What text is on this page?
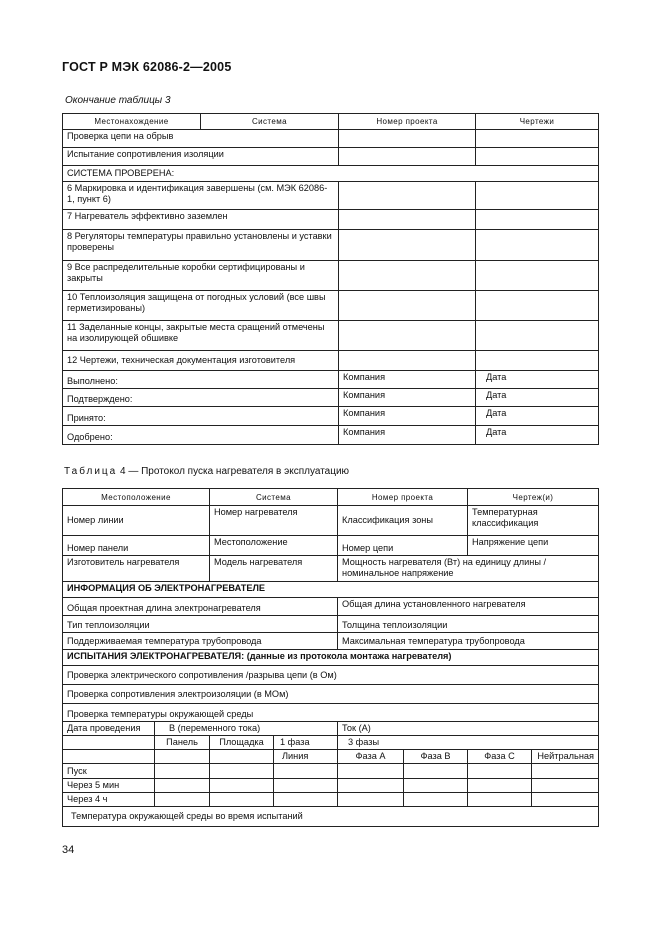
ГОСТ Р МЭК 62086-2—2005
Окончание таблицы 3
Местонахождение	Система	Номер проекта	Чертежи
Проверка цепи на обрыв			
Испытание сопротивления изоляции			
СИСТЕМА ПРОВЕРЕНА:			
6 Маркировка и идентификация завершены (см. МЭК 62086-1, пункт 6)			
7 Нагреватель эффективно заземлен			
8 Регуляторы температуры правильно установлены и уставки проверены			
9 Все распределительные коробки сертифицированы и закрыты			
10 Теплоизоляция защищена от погодных условий (все швы герметизированы)			
11 Заделанные концы, закрытые места сращений отмечены на изолирующей обшивке			
12 Чертежи, техническая документация изготовителя			
Выполнено:		Компания	Дата
Подтверждено:		Компания	Дата
Принято:		Компания	Дата
Одобрено:		Компания	Дата
Таблица 4 — Протокол пуска нагревателя в эксплуатацию
Местоположение		Система		Номер проекта		Чертеж(и)	
Номер линии		Номер нагревателя		Классификация зоны		Температурная классификация	
Номер панели		Местоположение		Номер цепи		Напряжение цепи	
Изготовитель нагревателя		Модель нагревателя		Мощность нагревателя (Вт) на единицу длины / номинальное напряжение			
ИНФОРМАЦИЯ ОБ ЭЛЕКТРОНАГРЕВАТЕЛЕ							
Общая проектная длина электронагревателя				Общая длина установленного нагревателя			
Тип теплоизоляции				Толщина теплоизоляции			
Поддерживаемая температура трубопровода				Максимальная температура трубопровода			
ИСПЫТАНИЯ ЭЛЕКТРОНАГРЕВАТЕЛЯ: (данные из протокола монтажа нагревателя)							
Проверка электрического сопротивления /разрыва цепи (в Ом)							
Проверка сопротивления электроизоляции (в МОм)							
Проверка температуры окружающей среды							
Дата проведения	В (переменного тока)			Ток (А)			
	Панель	Площадка	1 фаза	3 фазы			
			Линия	Фаза А	Фаза В	Фаза С	Нейтральная
Пуск							
Через 5 мин							
Через 4 ч							
Температура окружающей среды во время испытаний							
34
